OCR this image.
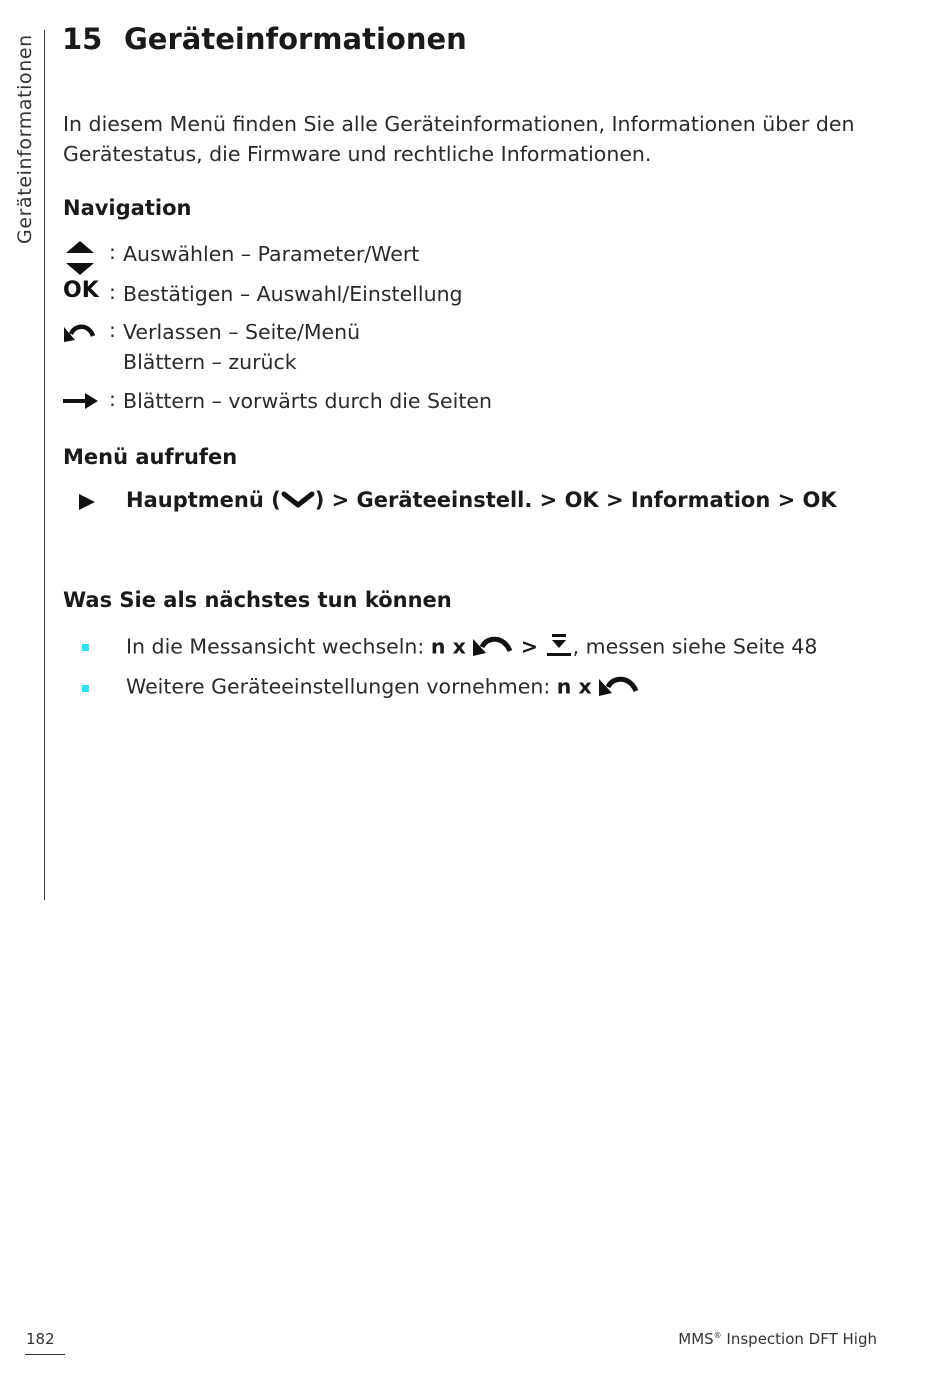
Geräteinformationen 15 Geräteinformationen
In diesem Menü finden Sie alle Geräteinformationen, Informationen über den Gerätestatus, die Firmware und rechtliche Informationen.
Navigation
: Auswählen – Parameter/Wert
OK : Bestätigen – Auswahl/Einstellung
: Verlassen – Seite/Menü
Blättern – zurück
: Blättern – vorwärts durch die Seiten
Menü aufrufen
Hauptmenü ( ) > Geräteeinstell. > OK > Information > OK
Was Sie als nächstes tun können
In die Messansicht wechseln: n x	> , messen siehe Seite 48
Weitere Geräteeinstellungen vornehmen: n x
182	MMS® Inspection DFT High
